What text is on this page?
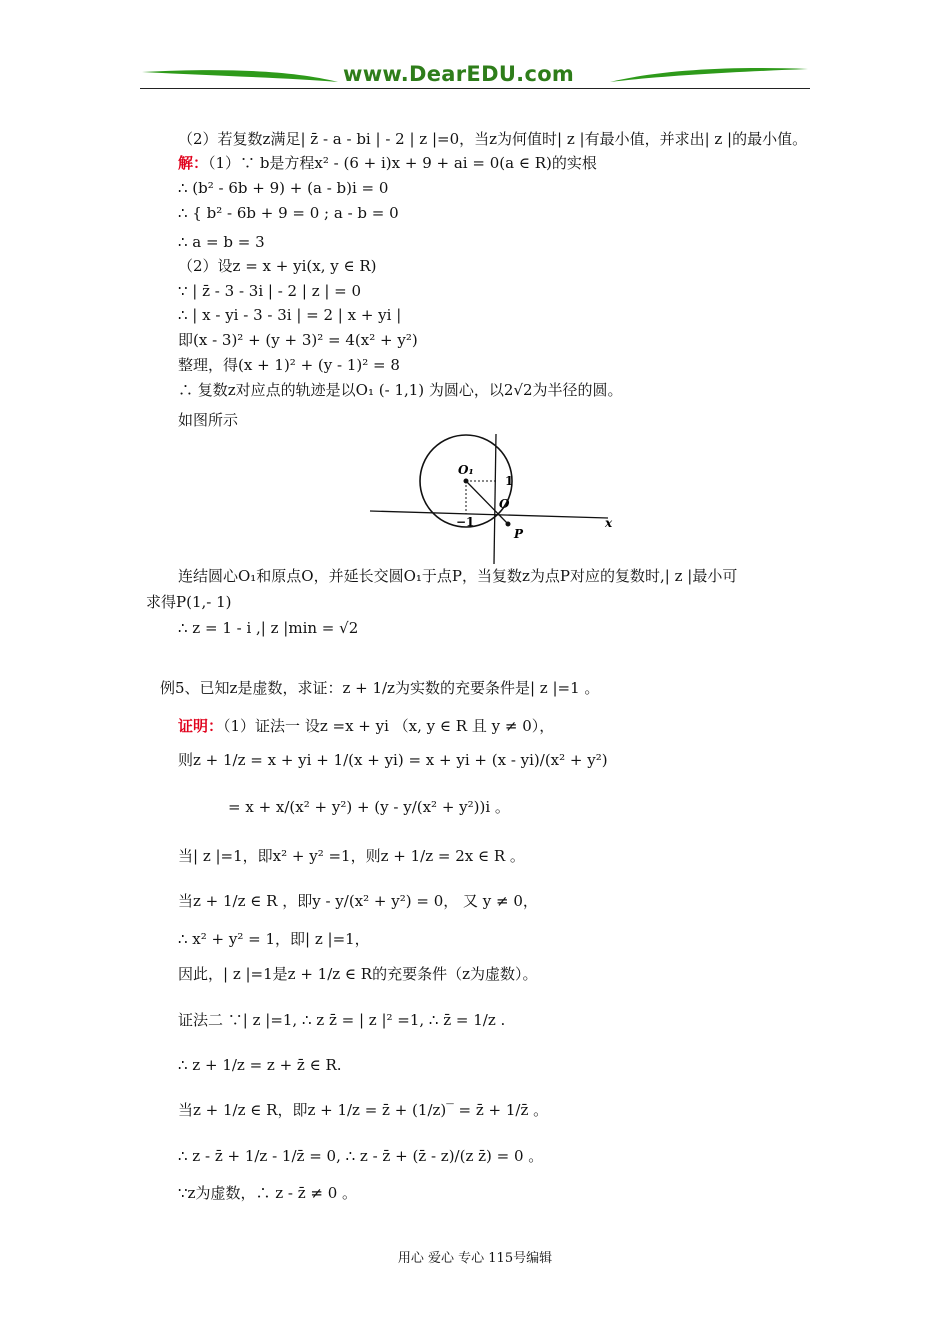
www.DearEDU.com
（2）若复数z满足| z̄ - a - bi | - 2 | z |=0，当z为何值时| z |有最小值，并求出| z |的最小值。
解：（1）∵ b是方程x² - (6 + i)x + 9 + ai = 0(a ∈ R)的实根
∴ (b² - 6b + 9) + (a - b)i = 0
∴ { b² - 6b + 9 = 0 ; a - b = 0
∴ a = b = 3
（2）设z = x + yi(x, y ∈ R)
∵ | z̄ - 3 - 3i | - 2 | z | = 0
∴ | x - yi - 3 - 3i | = 2 | x + yi |
即(x - 3)² + (y + 3)² = 4(x² + y²)
整理，得(x + 1)² + (y - 1)² = 8
∴ 复数z对应点的轨迹是以O₁ (- 1,1) 为圆心，以2√2为半径的圆。
如图所示
O₁
1
O
−1
P
x
连结圆心O₁和原点O，并延长交圆O₁于点P，当复数z为点P对应的复数时,| z |最小可
求得P(1,- 1)
∴ z = 1 - i ,| z |min = √2
例5、已知z是虚数，求证：z + 1/z为实数的充要条件是| z |=1 。
证明：（1）证法一 设z =x + yi （x, y ∈ R 且 y ≠ 0），
则z + 1/z = x + yi + 1/(x + yi) = x + yi + (x - yi)/(x² + y²)
= x + x/(x² + y²) + (y - y/(x² + y²))i 。
当| z |=1，即x² + y² =1，则z + 1/z = 2x ∈ R 。
当z + 1/z ∈ R ，即y - y/(x² + y²) = 0， 又 y ≠ 0，
∴ x² + y² = 1，即| z |=1，
因此，| z |=1是z + 1/z ∈ R的充要条件（z为虚数）。
证法二 ∵| z |=1, ∴ z z̄ = | z |² =1, ∴ z̄ = 1/z .
∴ z + 1/z = z + z̄ ∈ R.
当z + 1/z ∈ R，即z + 1/z = z̄ + (1/z)‾ = z̄ + 1/z̄ 。
∴ z - z̄ + 1/z - 1/z̄ = 0, ∴ z - z̄ + (z̄ - z)/(z z̄) = 0 。
∵z为虚数，∴ z - z̄ ≠ 0 。
用心 爱心 专心 115号编辑
